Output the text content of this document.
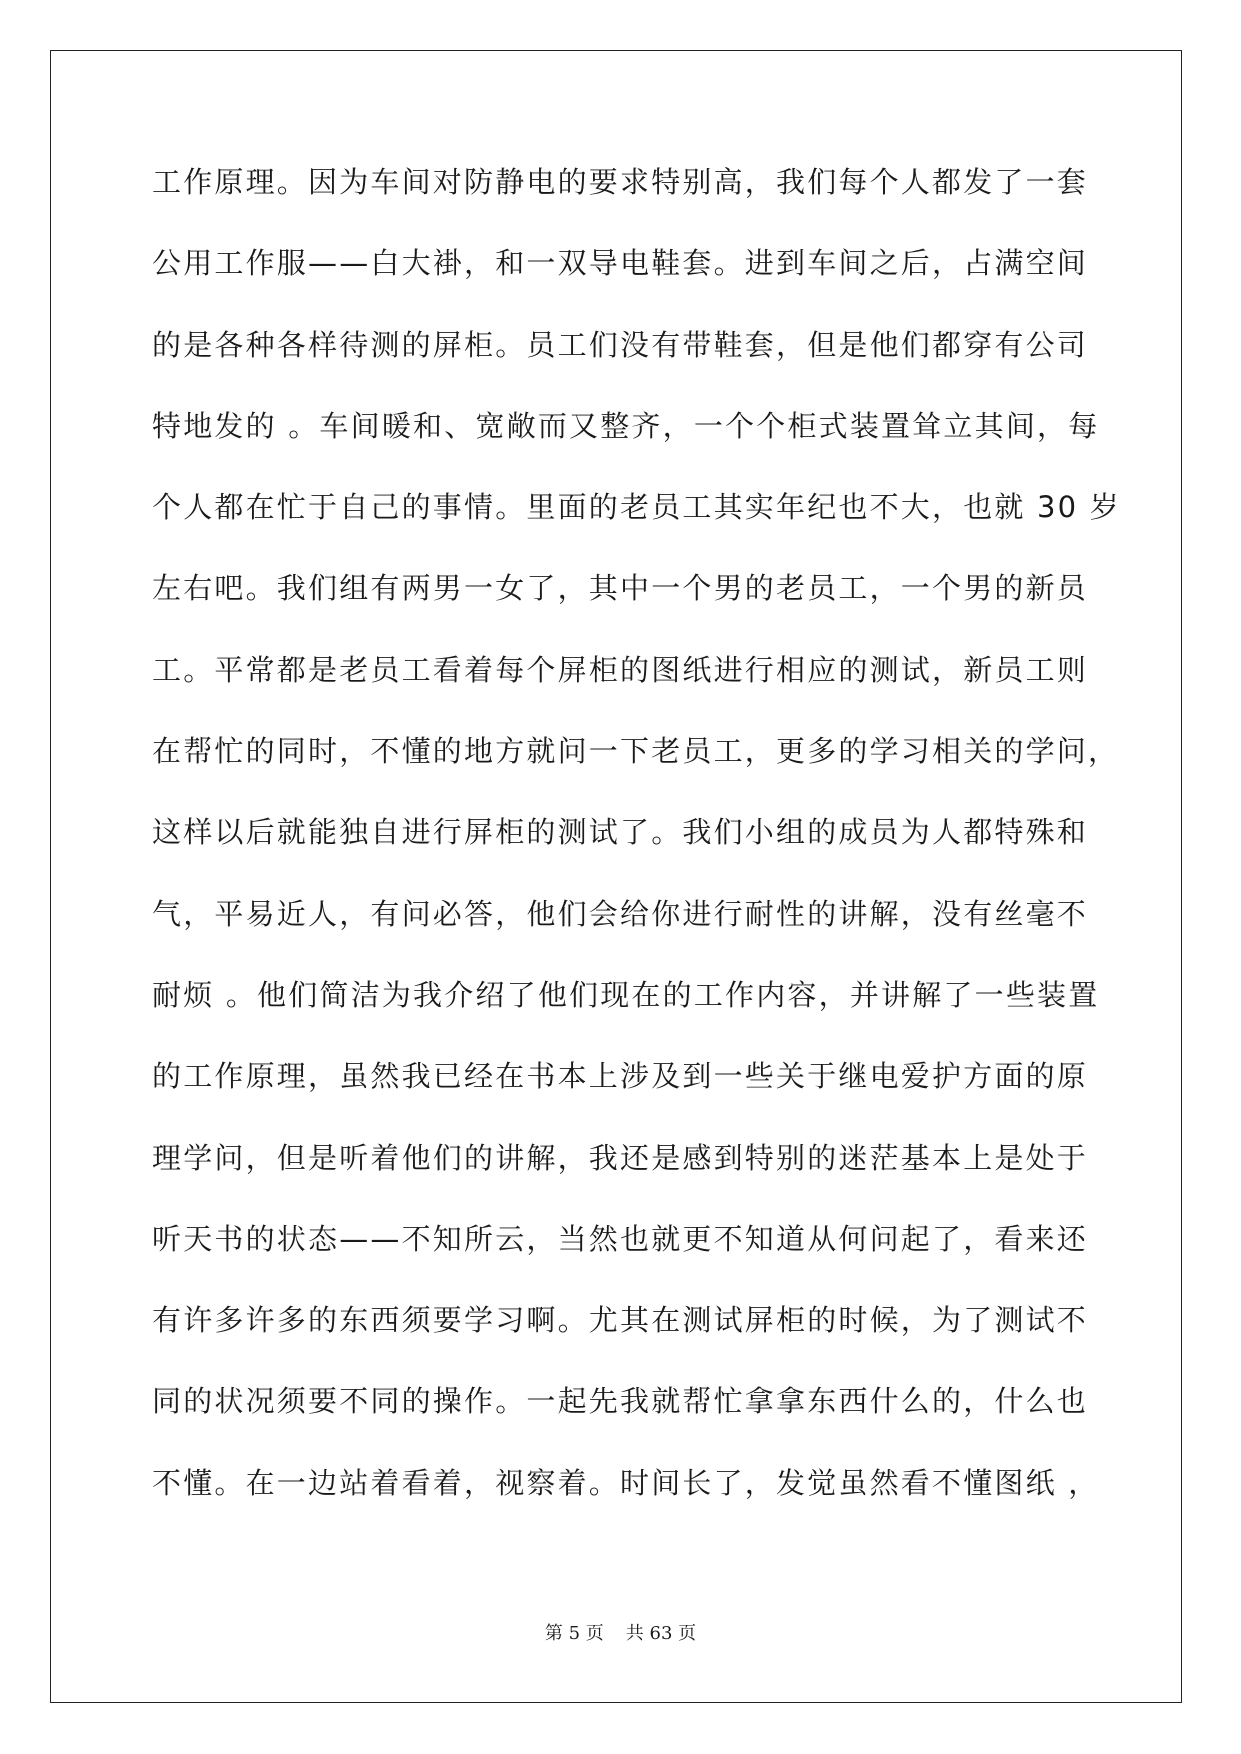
工作原理。因为车间对防静电的要求特别高，我们每个人都发了一套
公用工作服——白大褂，和一双导电鞋套。进到车间之后，占满空间
的是各种各样待测的屏柜。员工们没有带鞋套，但是他们都穿有公司
特地发的 。车间暖和、宽敞而又整齐，一个个柜式装置耸立其间，每
个人都在忙于自己的事情。里面的老员工其实年纪也不大，也就 30 岁
左右吧。我们组有两男一女了，其中一个男的老员工，一个男的新员
工。平常都是老员工看着每个屏柜的图纸进行相应的测试，新员工则
在帮忙的同时，不懂的地方就问一下老员工，更多的学习相关的学问，
这样以后就能独自进行屏柜的测试了。我们小组的成员为人都特殊和
气，平易近人，有问必答，他们会给你进行耐性的讲解，没有丝毫不
耐烦 。他们简洁为我介绍了他们现在的工作内容，并讲解了一些装置
的工作原理，虽然我已经在书本上涉及到一些关于继电爱护方面的原
理学问，但是听着他们的讲解，我还是感到特别的迷茫基本上是处于
听天书的状态——不知所云，当然也就更不知道从何问起了，看来还
有许多许多的东西须要学习啊。尤其在测试屏柜的时候，为了测试不
同的状况须要不同的操作。一起先我就帮忙拿拿东西什么的，什么也
不懂。在一边站着看着，视察着。时间长了，发觉虽然看不懂图纸 ，
第 5 页 共 63 页
